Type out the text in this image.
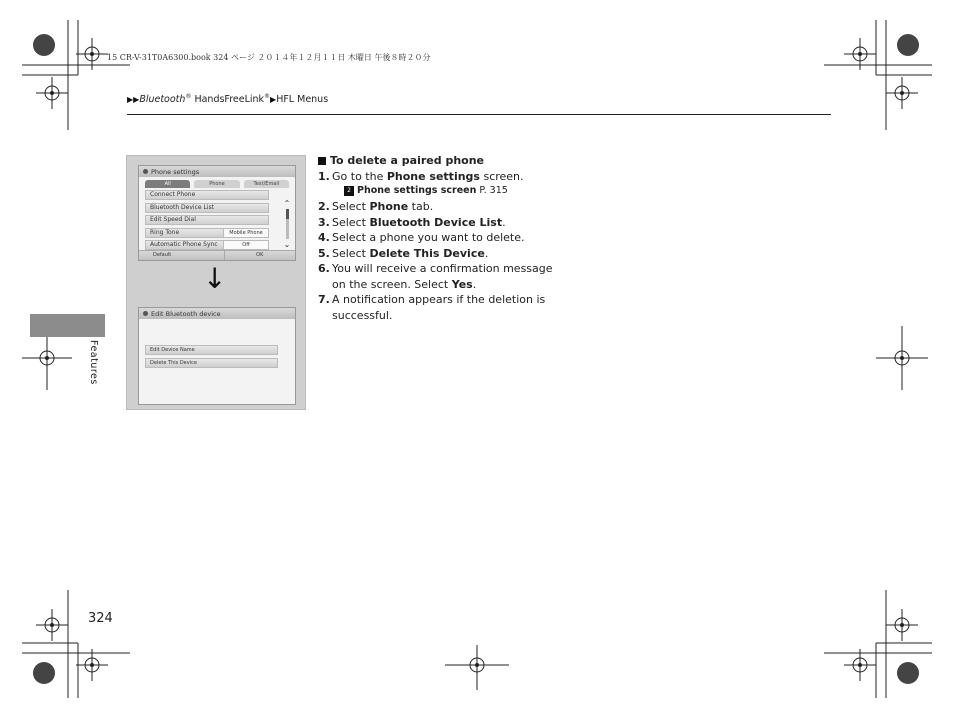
15 CR-V-31T0A6300.book 324 ページ ２０１４年１２月１１日 木曜日 午後８時２０分
▶▶Bluetooth® HandsFreeLink®▶HFL Menus
Features
324
Phone settings
All	Phone	Text/Email
Connect Phone
Bluetooth Device List
Edit Speed Dial
Ring Tone	Mobile Phone
Automatic Phone Sync	Off
⌃
⌄
Default	OK
Edit Bluetooth device
Edit Device Name
Delete This Device
↓
To delete a paired phone
1. Go to the Phone settings screen.
2 Phone settings screen P. 315
2. Select Phone tab.
3. Select Bluetooth Device List.
4. Select a phone you want to delete.
5. Select Delete This Device.
6. You will receive a confirmation message on the screen. Select Yes.
7. A notification appears if the deletion is successful.
